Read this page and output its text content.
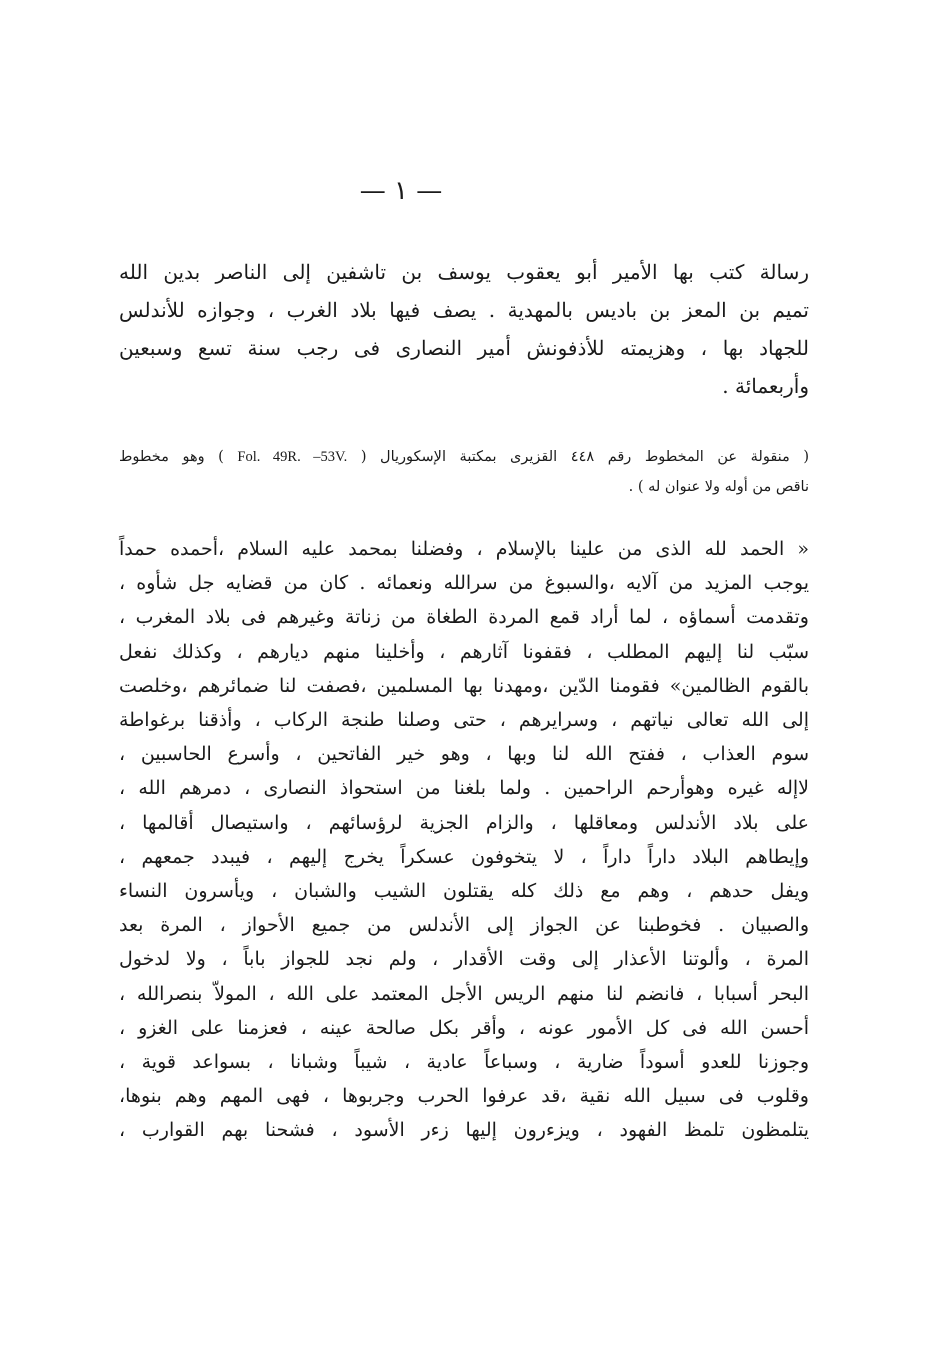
— ١ —
رسالة كتب بها الأمير أبو يعقوب يوسف بن تاشفين إلى الناصر بدين الله
تميم بن المعز بن باديس بالمهدية . يصف فيها بلاد الغرب ، وجوازه للأندلس
للجهاد بها ، وهزيمته للأذفونش أمير النصارى فى رجب سنة تسع وسبعين
وأربعمائة .
( منقولة عن المخطوط رقم ٤٤٨ القزيرى بمكتبة الإسكوريال ( Fol. 49R. –53V. ) وهو مخطوط
ناقص من أوله ولا عنوان له ) .
« الحمد لله الذى من علينا بالإسلام ، وفضلنا بمحمد عليه السلام ،أحمده حمداً
يوجب المزيد من آلايه ،والسبوغ من سرالله ونعمائه . كان من قضايه جل شأوه ،
وتقدمت أسماؤه ، لما أراد قمع المردة الطغاة من زناتة وغيرهم فى بلاد المغرب ،
سبّب لنا إليهم المطلب ، فقفونا آثارهم ، وأخلينا منهم ديارهم ، وكذلك نفعل
بالقوم الظالمين» فقومنا الدّين ،ومهدنا بها المسلمين ،فصفت لنا ضمائرهم ،وخلصت
إلى الله تعالى نياتهم ، وسرايرهم ، حتى وصلنا طنجة الركاب ، وأذقنا برغواطة
سوم العذاب ، ففتح الله لنا وبها ، وهو خير الفاتحين ، وأسرع الحاسبين ،
لاإله غيره وهوأرحم الراحمين . ولما بلغنا من استحواذ النصارى ، دمرهم الله ،
على بلاد الأندلس ومعاقلها ، والزام الجزية لرؤسائهم ، واستيصال أقالمها ،
وإيطاهم البلاد داراً داراً ، لا يتخوفون عسكراً يخرج إليهم ، فيبدد جمعهم ،
ويفل حدهم ، وهم مع ذلك كله يقتلون الشيب والشبان ، ويأسرون النساء
والصبيان . فخوطبنا عن الجواز إلى الأندلس من جميع الأحواز ، المرة بعد
المرة ، وألوتنا الأعذار إلى وقت الأقدار ، ولم نجد للجواز باباً ، ولا لدخول
البحر أسبابا ، فانضم لنا منهم الريس الأجل المعتمد على الله ، المولاّ بنصرالله ،
أحسن الله فى كل الأمور عونه ، وأقر بكل صالحة عينه ، فعزمنا على الغزو ،
وجوزنا للعدو أسوداً ضارية ، وسباعاً عادية ، شيباً وشبانا ، بسواعد قوية ،
وقلوب فى سبيل الله نقية ،قد عرفوا الحرب وجربوها ، فهى المهم وهم بنوها،
يتلمظون تلمظ الفهود ، ويزءرون إليها زءر الأسود ، فشحنا بهم القوارب ،
